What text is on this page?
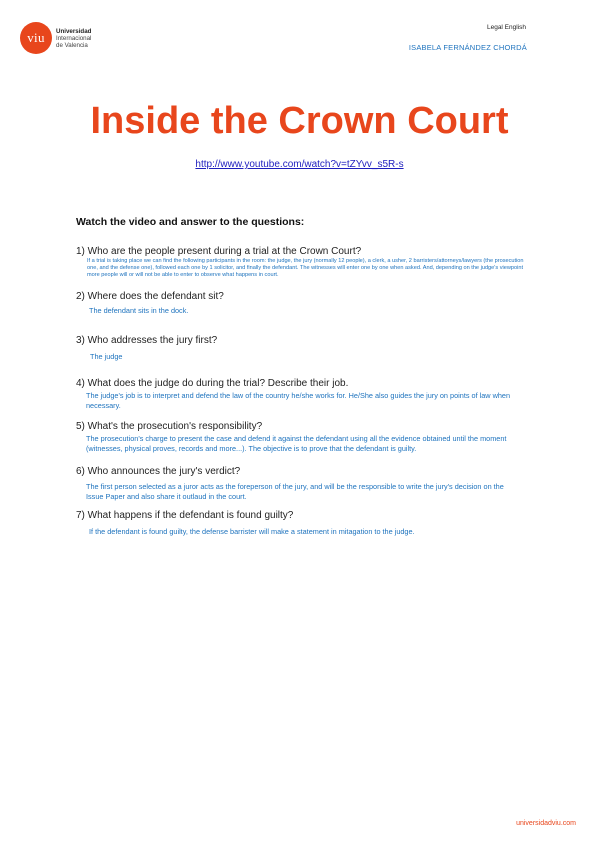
viu	Universidad
Internacional
de Valencia
Legal English
ISABELA FERNÁNDEZ CHORDÁ
Inside the Crown Court
http://www.youtube.com/watch?v=tZYvv_s5R-s
Watch the video and answer to the questions:
1) Who are the people present during a trial at the Crown Court?
If a trial is taking place we can find the following participants in the room: the judge, the jury (normally 12 people), a clerk, a usher, 2 barristers/attorneys/lawyers (the prosecution one, and the defense one), followed each one by 1 solicitor, and finally the defendant. The witnesses will enter one by one when asked. And, depending on the judge's viewpoint more people will or will not be able to enter to observe what happens in court.
2) Where does the defendant sit?
The defendant sits in the dock.
3) Who addresses the jury first?
The judge
4) What does the judge do during the trial? Describe their job.
The judge's job is to interpret and defend the law of the country he/she works for. He/She also guides the jury on points of law when necessary.
5) What's the prosecution's responsibility?
The prosecution's charge to present the case and defend it against the defendant using all the evidence obtained until the moment (witnesses, physical proves, records and more...). The objective is to prove that the defendant is guilty.
6) Who announces the jury's verdict?
The first person selected as a juror acts as the foreperson of the jury, and will be the responsible to write the jury's decision on the Issue Paper and also share it outlaud in the court.
7) What happens if the defendant is found guilty?
If the defendant is found guilty, the defense barrister will make a statement in mitagation to the judge.
universidadviu.com
